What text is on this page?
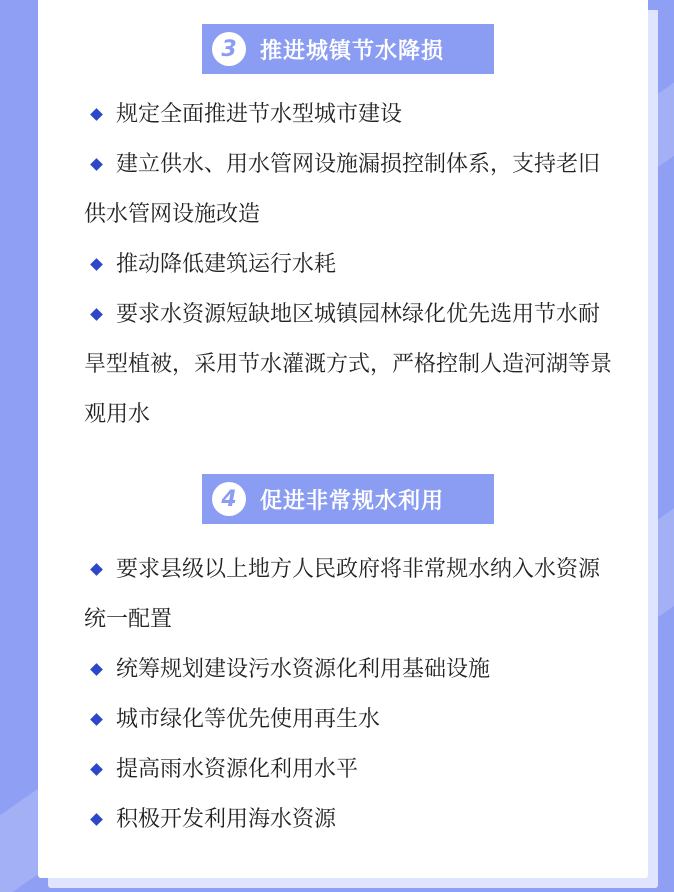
3	推进城镇节水降损
规定全面推进节水型城市建设
建立供水、用水管网设施漏损控制体系，支持老旧供水管网设施改造
推动降低建筑运行水耗
要求水资源短缺地区城镇园林绿化优先选用节水耐旱型植被，采用节水灌溉方式，严格控制人造河湖等景观用水
4	促进非常规水利用
要求县级以上地方人民政府将非常规水纳入水资源统一配置
统筹规划建设污水资源化利用基础设施
城市绿化等优先使用再生水
提高雨水资源化利用水平
积极开发利用海水资源
